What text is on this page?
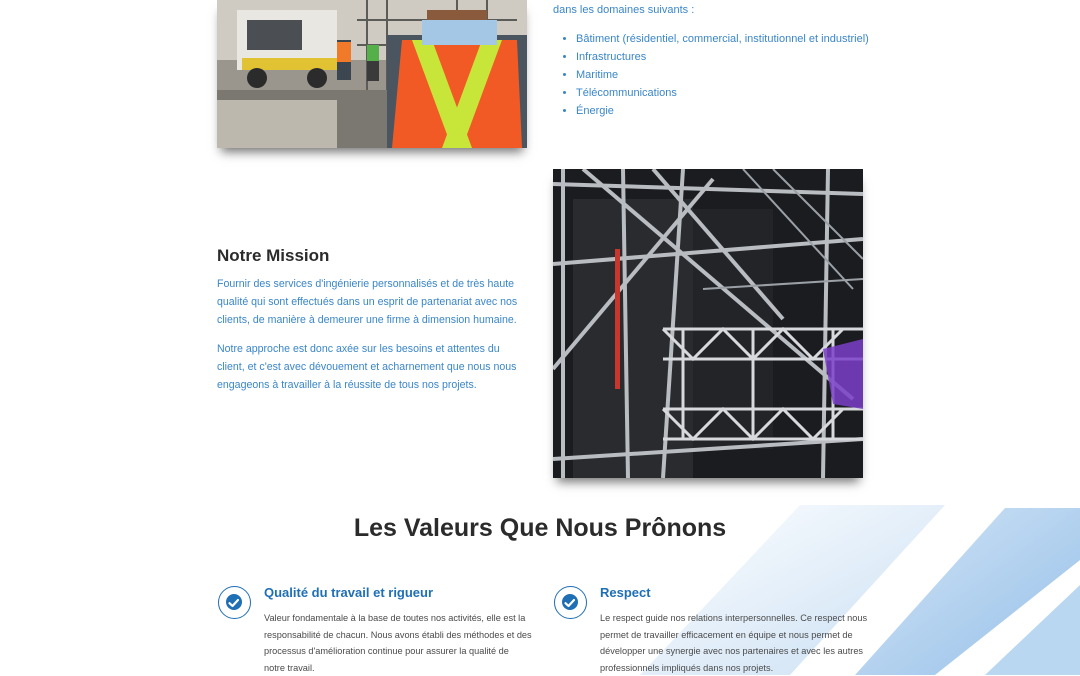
dans les domaines suivants :

• Bâtiment (résidentiel, commercial, institutionnel et industriel)
• Infrastructures
• Maritime
• Télécommunications
• Énergie
Notre Mission

Fournir des services d'ingénierie personnalisés et de très haute qualité qui sont effectués dans un esprit de partenariat avec nos clients, de manière à demeurer une firme à dimension humaine.

Notre approche est donc axée sur les besoins et attentes du client, et c'est avec dévouement et acharnement que nous nous engageons à travailler à la réussite de tous nos projets.

Les Valeurs Que Nous Prônons
Qualité du travail et rigueur

Valeur fondamentale à la base de toutes nos activités, elle est la responsabilité de chacun. Nous avons établi des méthodes et des processus d'amélioration continue pour assurer la qualité de notre travail.

Respect

Le respect guide nos relations interpersonnelles. Ce respect nous permet de travailler efficacement en équipe et nous permet de développer une synergie avec nos partenaires et avec les autres professionnels impliqués dans nos projets.
